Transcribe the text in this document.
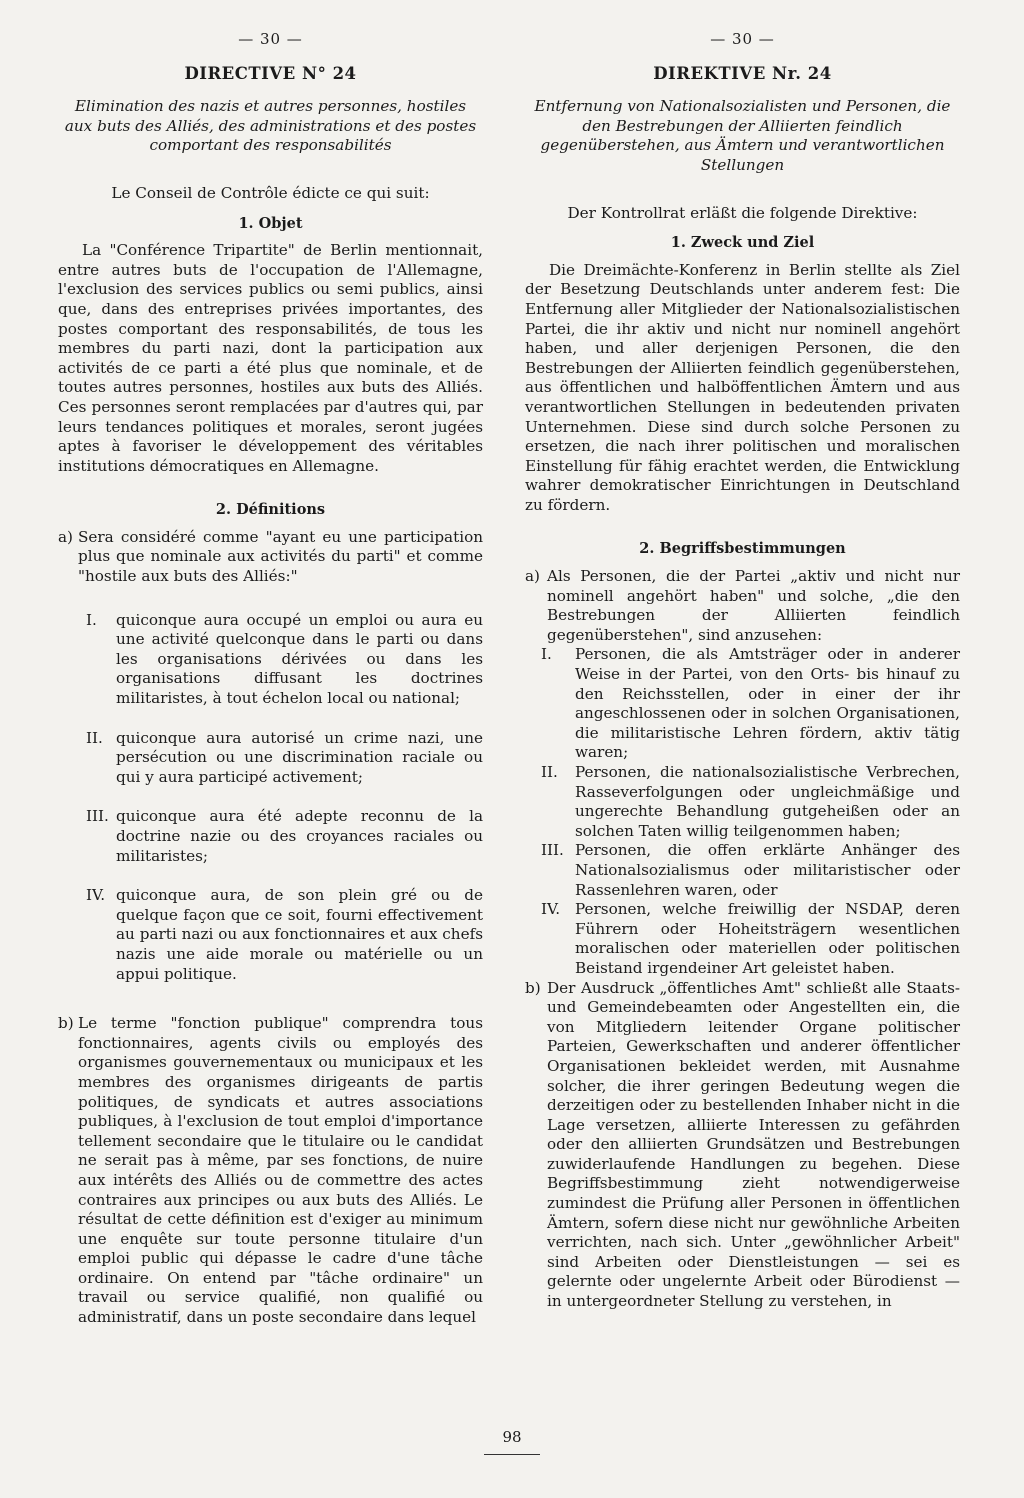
— 30 —
DIRECTIVE N° 24
Elimination des nazis et autres personnes, hostiles aux buts des Alliés, des administrations et des postes comportant des responsabilités
Le Conseil de Contrôle édicte ce qui suit:
1. Objet
La "Conférence Tripartite" de Berlin mentionnait, entre autres buts de l'occupation de l'Allemagne, l'exclusion des services publics ou semi publics, ainsi que, dans des entreprises privées importantes, des postes comportant des responsabilités, de tous les membres du parti nazi, dont la participation aux activités de ce parti a été plus que nominale, et de toutes autres personnes, hostiles aux buts des Alliés. Ces personnes seront remplacées par d'autres qui, par leurs tendances politiques et morales, seront jugées aptes à favoriser le développement des véritables institutions démocratiques en Allemagne.
2. Définitions
a) Sera considéré comme "ayant eu une participation plus que nominale aux activités du parti" et comme "hostile aux buts des Alliés:"
I. quiconque aura occupé un emploi ou aura eu une activité quelconque dans le parti ou dans les organisations dérivées ou dans les organisations diffusant les doctrines militaristes, à tout échelon local ou national;
II. quiconque aura autorisé un crime nazi, une persécution ou une discrimination raciale ou qui y aura participé activement;
III. quiconque aura été adepte reconnu de la doctrine nazie ou des croyances raciales ou militaristes;
IV. quiconque aura, de son plein gré ou de quelque façon que ce soit, fourni effectivement au parti nazi ou aux fonctionnaires et aux chefs nazis une aide morale ou matérielle ou un appui politique.
b) Le terme "fonction publique" comprendra tous fonctionnaires, agents civils ou employés des organismes gouvernementaux ou municipaux et les membres des organismes dirigeants de partis politiques, de syndicats et autres associations publiques, à l'exclusion de tout emploi d'importance tellement secondaire que le titulaire ou le candidat ne serait pas à même, par ses fonctions, de nuire aux intérêts des Alliés ou de commettre des actes contraires aux principes ou aux buts des Alliés. Le résultat de cette définition est d'exiger au minimum une enquête sur toute personne titulaire d'un emploi public qui dépasse le cadre d'une tâche ordinaire. On entend par "tâche ordinaire" un travail ou service qualifié, non qualifié ou administratif, dans un poste secondaire dans lequel
— 30 —
DIREKTIVE Nr. 24
Entfernung von Nationalsozialisten und Personen, die den Bestrebungen der Alliierten feindlich gegenüberstehen, aus Ämtern und verantwortlichen Stellungen
Der Kontrollrat erläßt die folgende Direktive:
1. Zweck und Ziel
Die Dreimächte-Konferenz in Berlin stellte als Ziel der Besetzung Deutschlands unter anderem fest: Die Entfernung aller Mitglieder der Nationalsozialistischen Partei, die ihr aktiv und nicht nur nominell angehört haben, und aller derjenigen Personen, die den Bestrebungen der Alliierten feindlich gegenüberstehen, aus öffentlichen und halböffentlichen Ämtern und aus verantwortlichen Stellungen in bedeutenden privaten Unternehmen. Diese sind durch solche Personen zu ersetzen, die nach ihrer politischen und moralischen Einstellung für fähig erachtet werden, die Entwicklung wahrer demokratischer Einrichtungen in Deutschland zu fördern.
2. Begriffsbestimmungen
a) Als Personen, die der Partei „aktiv und nicht nur nominell angehört haben" und solche, „die den Bestrebungen der Alliierten feindlich gegenüberstehen", sind anzusehen:
I. Personen, die als Amtsträger oder in anderer Weise in der Partei, von den Orts- bis hinauf zu den Reichsstellen, oder in einer der ihr angeschlossenen oder in solchen Organisationen, die militaristische Lehren fördern, aktiv tätig waren;
II. Personen, die nationalsozialistische Verbrechen, Rasseverfolgungen oder ungleichmäßige und ungerechte Behandlung gutgeheißen oder an solchen Taten willig teilgenommen haben;
III. Personen, die offen erklärte Anhänger des Nationalsozialismus oder militaristischer oder Rassenlehren waren, oder
IV. Personen, welche freiwillig der NSDAP, deren Führern oder Hoheitsträgern wesentlichen moralischen oder materiellen oder politischen Beistand irgendeiner Art geleistet haben.
b) Der Ausdruck „öffentliches Amt" schließt alle Staats- und Gemeindebeamten oder Angestellten ein, die von Mitgliedern leitender Organe politischer Parteien, Gewerkschaften und anderer öffentlicher Organisationen bekleidet werden, mit Ausnahme solcher, die ihrer geringen Bedeutung wegen die derzeitigen oder zu bestellenden Inhaber nicht in die Lage versetzen, alliierte Interessen zu gefährden oder den alliierten Grundsätzen und Bestrebungen zuwiderlaufende Handlungen zu begehen. Diese Begriffsbestimmung zieht notwendigerweise zumindest die Prüfung aller Personen in öffentlichen Ämtern, sofern diese nicht nur gewöhnliche Arbeiten verrichten, nach sich. Unter „gewöhnlicher Arbeit" sind Arbeiten oder Dienstleistungen — sei es gelernte oder ungelernte Arbeit oder Bürodienst — in untergeordneter Stellung zu verstehen, in
98
